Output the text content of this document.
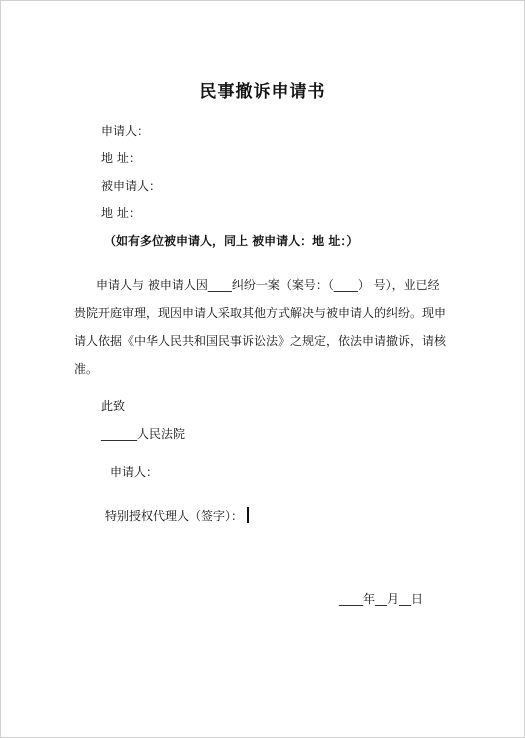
民事撤诉申请书
申请人：
地 址：
被申请人：
地 址：
（如有多位被申请人，同上 被申请人：地 址：）
申请人与 被申请人因____纠纷一案（案号：（____） 号），业已经贵院开庭审理，现因申请人采取其他方式解决与被申请人的纠纷。现申请人依据《中华人民共和国民事诉讼法》之规定，依法申请撤诉，请核准。
此致
______人民法院
申请人：
特别授权代理人（签字）：
____年__月__日
